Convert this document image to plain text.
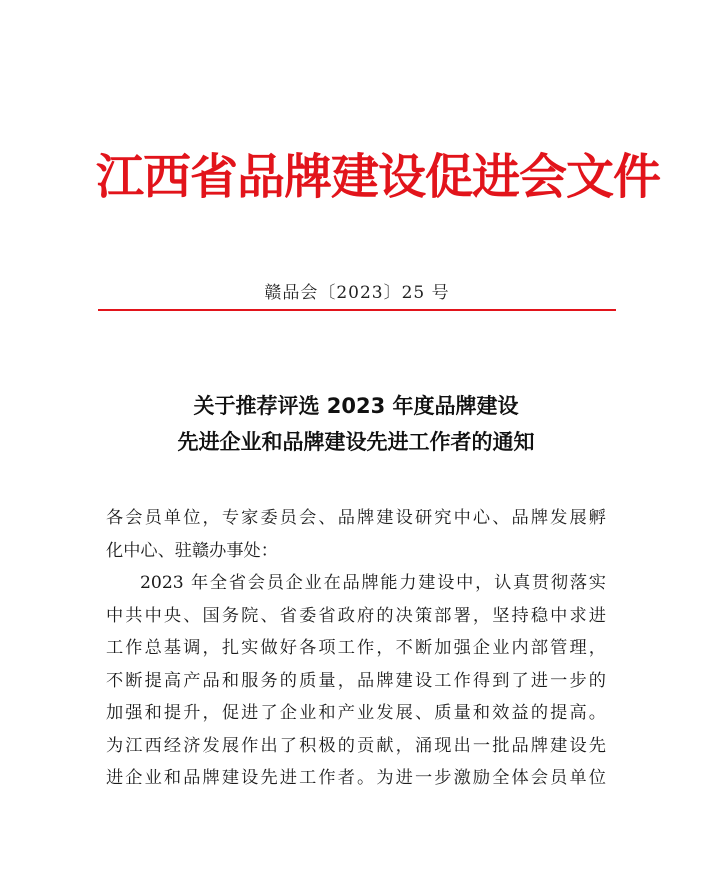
江西省品牌建设促进会文件
赣品会〔2023〕25 号
关于推荐评选 2023 年度品牌建设
先进企业和品牌建设先进工作者的通知
各会员单位，专家委员会、品牌建设研究中心、品牌发展孵
化中心、驻赣办事处：
2023 年全省会员企业在品牌能力建设中，认真贯彻落实
中共中央、国务院、省委省政府的决策部署，坚持稳中求进
工作总基调，扎实做好各项工作，不断加强企业内部管理，
不断提高产品和服务的质量，品牌建设工作得到了进一步的
加强和提升，促进了企业和产业发展、质量和效益的提高。
为江西经济发展作出了积极的贡献，涌现出一批品牌建设先
进企业和品牌建设先进工作者。为进一步激励全体会员单位
